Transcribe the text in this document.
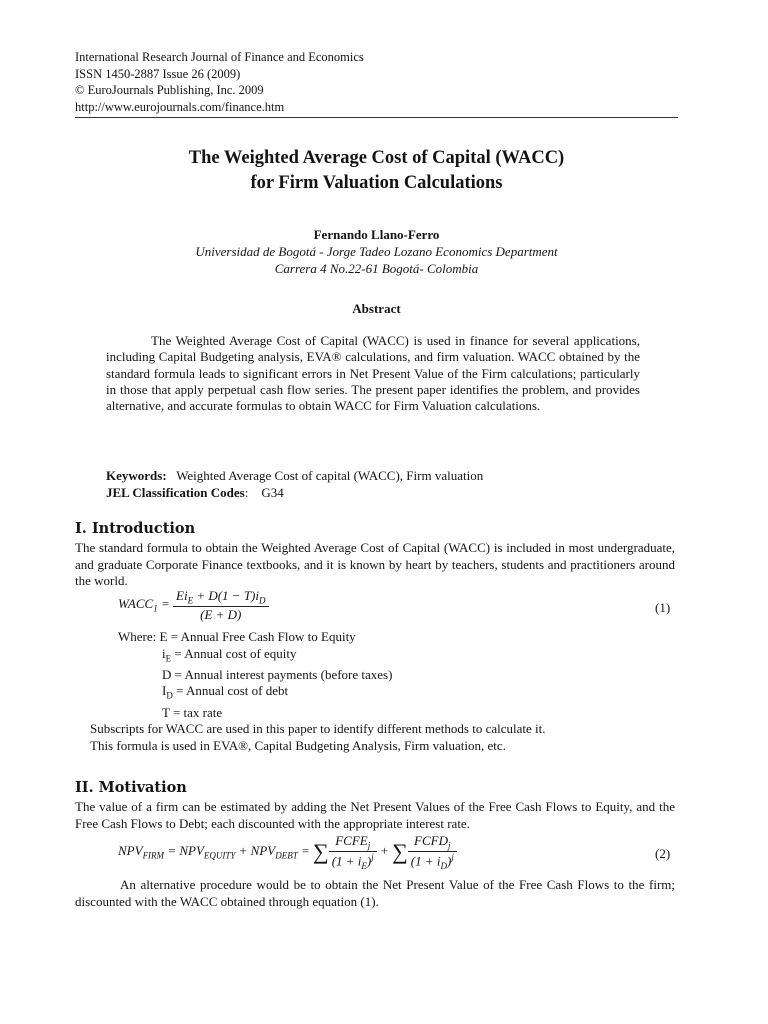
International Research Journal of Finance and Economics
ISSN 1450-2887 Issue 26 (2009)
© EuroJournals Publishing, Inc. 2009
http://www.eurojournals.com/finance.htm
The Weighted Average Cost of Capital (WACC)
for Firm Valuation Calculations
Fernando Llano-Ferro
Universidad de Bogotá - Jorge Tadeo Lozano Economics Department
Carrera 4 No.22-61 Bogotá- Colombia
Abstract
The Weighted Average Cost of Capital (WACC) is used in finance for several applications, including Capital Budgeting analysis, EVA® calculations, and firm valuation. WACC obtained by the standard formula leads to significant errors in Net Present Value of the Firm calculations; particularly in those that apply perpetual cash flow series. The present paper identifies the problem, and provides alternative, and accurate formulas to obtain WACC for Firm Valuation calculations.
Keywords: Weighted Average Cost of capital (WACC), Firm valuation
JEL Classification Codes:    G34
I. Introduction
The standard formula to obtain the Weighted Average Cost of Capital (WACC) is included in most undergraduate, and graduate Corporate Finance textbooks, and it is known by heart by teachers, students and practitioners around the world.
$WACC_1 = \frac{Ei_E + D(1 - T)i_D}{(E + D)}$	(1)
Where: E = Annual Free Cash Flow to Equity
$i_E$ = Annual cost of equity
D = Annual interest payments (before taxes)
$I_D$ = Annual cost of debt
T = tax rate
Subscripts for WACC are used in this paper to identify different methods to calculate it.
This formula is used in EVA®, Capital Budgeting Analysis, Firm valuation, etc.
II. Motivation
The value of a firm can be estimated by adding the Net Present Values of the Free Cash Flows to Equity, and the Free Cash Flows to Debt; each discounted with the appropriate interest rate.
$NPV_{FIRM} = NPV_{EQUITY} + NPV_{DEBT}$ = ∑ $\frac{FCFE_j}{(1 + i_E)^j}$ + ∑ $\frac{FCFD_j}{(1 + i_D)^j}$	(2)
An alternative procedure would be to obtain the Net Present Value of the Free Cash Flows to the firm; discounted with the WACC obtained through equation (1).
